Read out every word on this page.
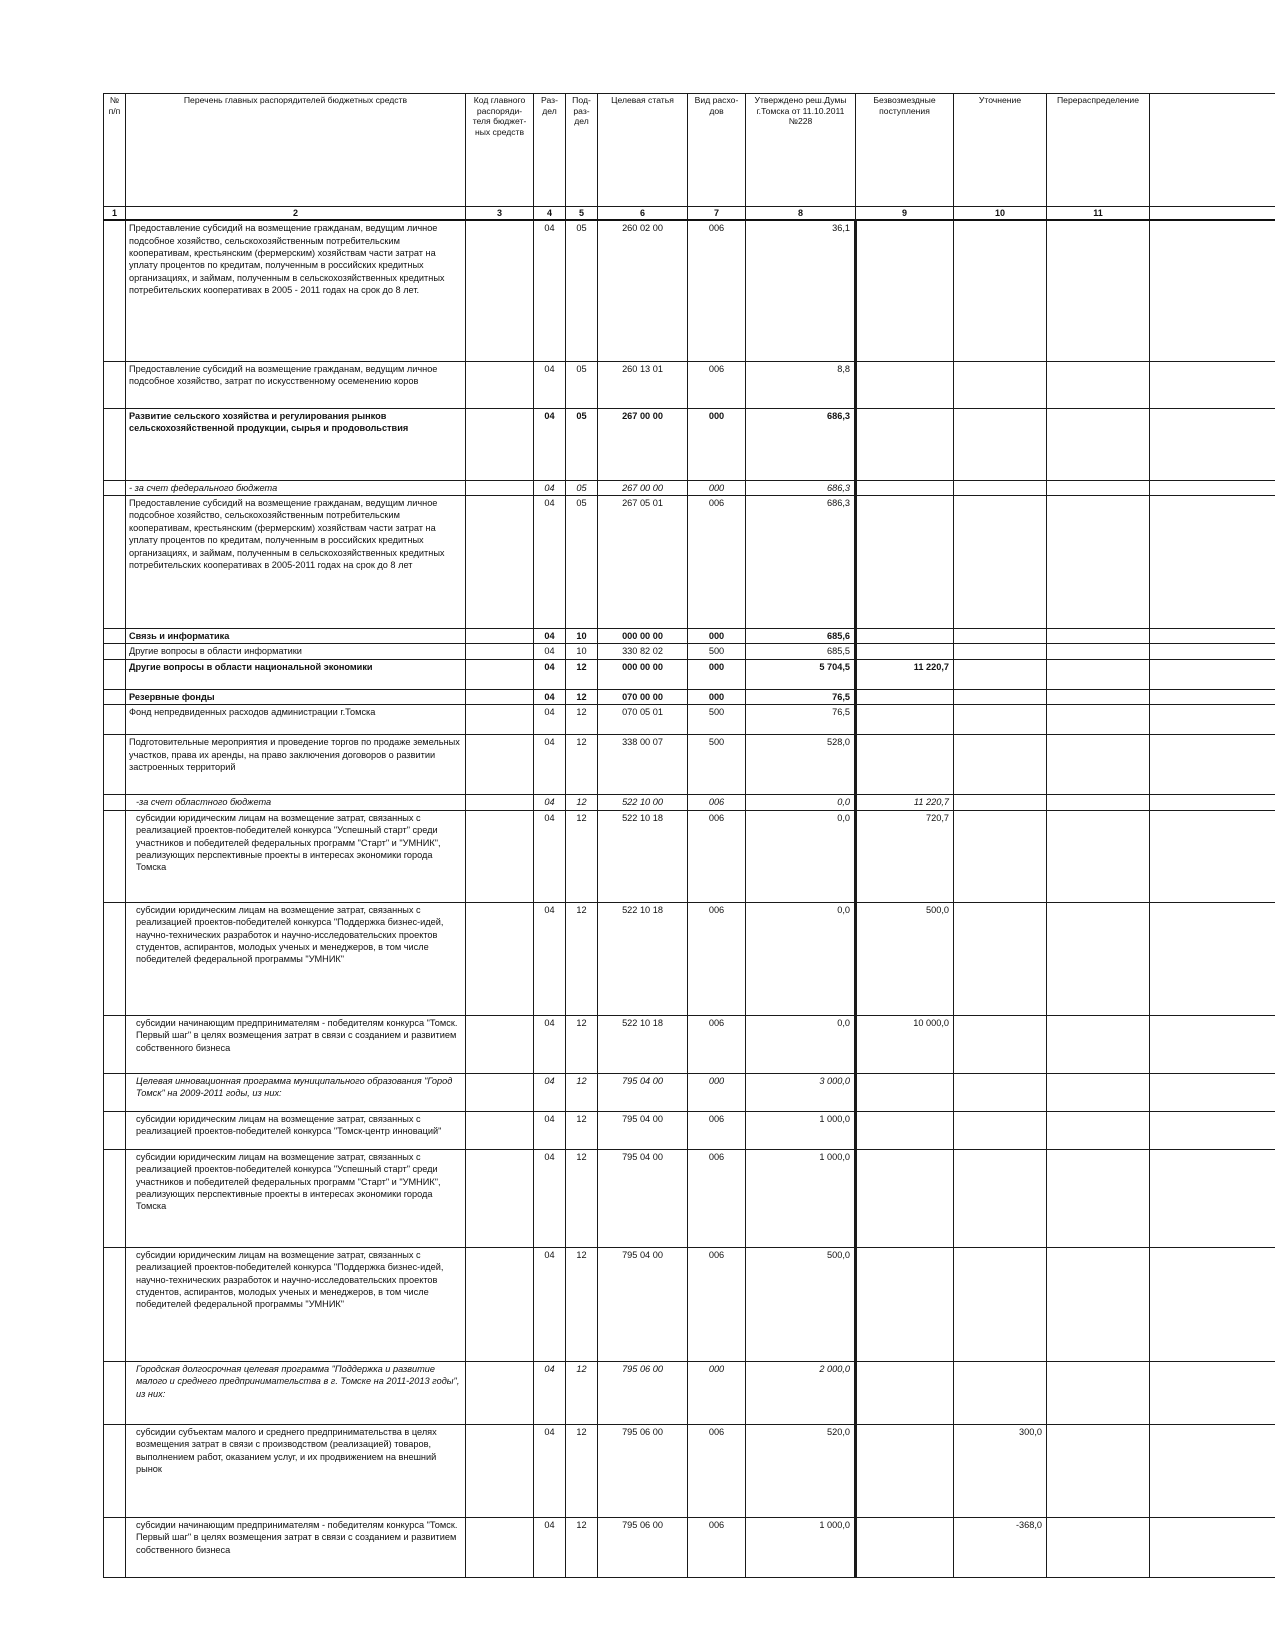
№ п/п	Перечень главных распорядителей бюджетных средств	Код главного распоряди-теля бюджет-ных средств	Раз-дел	Под-раз-дел	Целевая статья	Вид расхо-дов	Утверждено реш.Думы г.Томска от 11.10.2011 №228	Безвозмездные поступления	Уточнение	Перераспределение	
1	2	3	4	5	6	7	8	9	10	11	
	Предоставление субсидий на возмещение гражданам, ведущим личное подсобное хозяйство, сельскохозяйственным потребительским кооперативам, крестьянским (фермерским) хозяйствам части затрат на уплату процентов по кредитам, полученным в российских кредитных организациях, и займам, полученным в сельскохозяйственных кредитных потребительских кооперативах в 2005 - 2011 годах на срок до 8 лет.		04	05	260 02 00	006	36,1				
	Предоставление субсидий на возмещение гражданам, ведущим личное подсобное хозяйство, затрат по искусственному осеменению коров		04	05	260 13 01	006	8,8				
	Развитие сельского хозяйства и регулирования рынков сельскохозяйственной продукции, сырья и продовольствия		04	05	267 00 00	000	686,3				
	- за счет федерального бюджета		04	05	267 00 00	000	686,3				
	Предоставление субсидий на возмещение гражданам, ведущим личное подсобное хозяйство, сельскохозяйственным потребительским кооперативам, крестьянским (фермерским) хозяйствам части затрат на уплату процентов по кредитам, полученным в российских кредитных организациях, и займам, полученным в сельскохозяйственных кредитных потребительских кооперативах в 2005-2011 годах на срок до 8 лет		04	05	267 05 01	006	686,3				
	Связь и информатика		04	10	000 00 00	000	685,6				
	Другие вопросы в области информатики		04	10	330 82 02	500	685,5				
	Другие вопросы в области национальной экономики		04	12	000 00 00	000	5 704,5	11 220,7			
	Резервные фонды		04	12	070 00 00	000	76,5				
	Фонд непредвиденных расходов администрации г.Томска		04	12	070 05 01	500	76,5				
	Подготовительные мероприятия и проведение торгов по продаже земельных участков, права их аренды, на право заключения договоров о развитии застроенных территорий		04	12	338 00 07	500	528,0				
	-за счет областного бюджета		04	12	522 10 00	006	0,0	11 220,7			
	субсидии юридическим лицам на возмещение затрат, связанных с реализацией проектов-победителей конкурса "Успешный старт" среди участников и победителей федеральных программ "Старт" и "УМНИК", реализующих перспективные проекты в интересах экономики города Томска		04	12	522 10 18	006	0,0	720,7			
	субсидии юридическим лицам на возмещение затрат, связанных с реализацией проектов-победителей конкурса "Поддержка бизнес-идей, научно-технических разработок и научно-исследовательских проектов студентов, аспирантов, молодых ученых и менеджеров, в том числе победителей федеральной программы "УМНИК"		04	12	522 10 18	006	0,0	500,0			
	субсидии начинающим предпринимателям - победителям конкурса "Томск. Первый шаг" в целях возмещения затрат в связи с созданием и развитием собственного бизнеса		04	12	522 10 18	006	0,0	10 000,0			
	Целевая инновационная программа муниципального образования "Город Томск" на 2009-2011 годы, из них:		04	12	795 04 00	000	3 000,0				
	субсидии юридическим лицам на возмещение затрат, связанных с реализацией проектов-победителей конкурса "Томск-центр инноваций"		04	12	795 04 00	006	1 000,0				
	субсидии юридическим лицам на возмещение затрат, связанных с реализацией проектов-победителей конкурса "Успешный старт" среди участников и победителей федеральных программ "Старт" и "УМНИК", реализующих перспективные проекты в интересах экономики города Томска		04	12	795 04 00	006	1 000,0				
	субсидии юридическим лицам на возмещение затрат, связанных с реализацией проектов-победителей конкурса "Поддержка бизнес-идей, научно-технических разработок и научно-исследовательских проектов студентов, аспирантов, молодых ученых и менеджеров, в том числе победителей федеральной программы "УМНИК"		04	12	795 04 00	006	500,0				
	Городская долгосрочная целевая программа "Поддержка и развитие малого и среднего предпринимательства в г. Томске на 2011-2013 годы", из них:		04	12	795 06 00	000	2 000,0				
	субсидии субъектам малого и среднего предпринимательства в целях возмещения затрат в связи с производством (реализацией) товаров, выполнением работ, оказанием услуг, и их продвижением на внешний рынок		04	12	795 06 00	006	520,0		300,0		
	субсидии начинающим предпринимателям - победителям конкурса "Томск. Первый шаг" в целях возмещения затрат в связи с созданием и развитием собственного бизнеса		04	12	795 06 00	006	1 000,0		-368,0		
